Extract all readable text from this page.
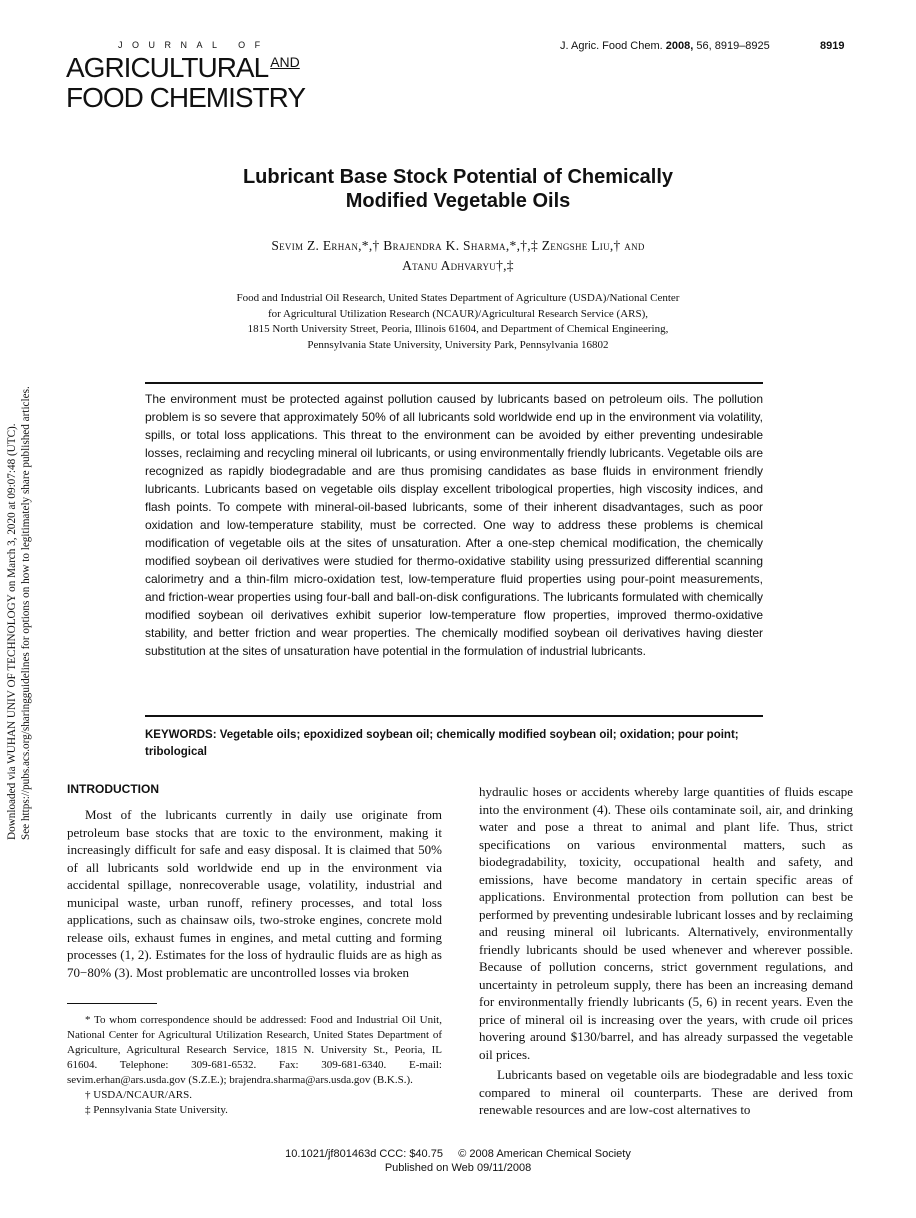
JOURNAL OF
AGRICULTURAL $^{AND}$
FOOD CHEMISTRY
J. Agric. Food Chem. 2008, 56, 8919–8925	8919
Lubricant Base Stock Potential of Chemically
Modified Vegetable Oils
Sevim Z. Erhan,*,† Brajendra K. Sharma,*,†,‡ Zengshe Liu,† and
Atanu Adhvaryu†,‡
Food and Industrial Oil Research, United States Department of Agriculture (USDA)/National Center
for Agricultural Utilization Research (NCAUR)/Agricultural Research Service (ARS),
1815 North University Street, Peoria, Illinois 61604, and Department of Chemical Engineering,
Pennsylvania State University, University Park, Pennsylvania 16802
The environment must be protected against pollution caused by lubricants based on petroleum oils. The pollution problem is so severe that approximately 50% of all lubricants sold worldwide end up in the environment via volatility, spills, or total loss applications. This threat to the environment can be avoided by either preventing undesirable losses, reclaiming and recycling mineral oil lubricants, or using environmentally friendly lubricants. Vegetable oils are recognized as rapidly biodegradable and are thus promising candidates as base fluids in environment friendly lubricants. Lubricants based on vegetable oils display excellent tribological properties, high viscosity indices, and flash points. To compete with mineral-oil-based lubricants, some of their inherent disadvantages, such as poor oxidation and low-temperature stability, must be corrected. One way to address these problems is chemical modification of vegetable oils at the sites of unsaturation. After a one-step chemical modification, the chemically modified soybean oil derivatives were studied for thermo-oxidative stability using pressurized differential scanning calorimetry and a thin-film micro-oxidation test, low-temperature fluid properties using pour-point measurements, and friction-wear properties using four-ball and ball-on-disk configurations. The lubricants formulated with chemically modified soybean oil derivatives exhibit superior low-temperature flow properties, improved thermo-oxidative stability, and better friction and wear properties. The chemically modified soybean oil derivatives having diester substitution at the sites of unsaturation have potential in the formulation of industrial lubricants.
KEYWORDS: Vegetable oils; epoxidized soybean oil; chemically modified soybean oil; oxidation; pour point; tribological
Downloaded via WUHAN UNIV OF TECHNOLOGY on March 3, 2020 at 09:07:48 (UTC). See https://pubs.acs.org/sharingguidelines for options on how to legitimately share published articles.	INTRODUCTION

Most of the lubricants currently in daily use originate from petroleum base stocks that are toxic to the environment, making it increasingly difficult for safe and easy disposal. It is claimed that 50% of all lubricants sold worldwide end up in the environment via accidental spillage, nonrecoverable usage, volatility, industrial and municipal waste, urban runoff, refinery processes, and total loss applications, such as chainsaw oils, two-stroke engines, concrete mold release oils, exhaust fumes in engines, and metal cutting and forming processes (1, 2). Estimates for the loss of hydraulic fluids are as high as 70−80% (3). Most problematic are uncontrolled losses via broken

* To whom correspondence should be addressed: Food and Industrial Oil Unit, National Center for Agricultural Utilization Research, United States Department of Agriculture, Agricultural Research Service, 1815 N. University St., Peoria, IL 61604. Telephone: 309-681-6532. Fax: 309-681-6340. E-mail: sevim.erhan@ars.usda.gov (S.Z.E.); brajendra.sharma@ars.usda.gov (B.K.S.).

† USDA/NCAUR/ARS.

‡ Pennsylvania State University.

hydraulic hoses or accidents whereby large quantities of fluids escape into the environment (4). These oils contaminate soil, air, and drinking water and pose a threat to animal and plant life. Thus, strict specifications on various environmental matters, such as biodegradability, toxicity, occupational health and safety, and emissions, have become mandatory in certain specific areas of applications. Environmental protection from pollution can best be performed by preventing undesirable lubricant losses and by reclaiming and reusing mineral oil lubricants. Alternatively, environmentally friendly lubricants should be used whenever and wherever possible. Because of pollution concerns, strict government regulations, and uncertainty in petroleum supply, there has been an increasing demand for environmentally friendly lubricants (5, 6) in recent years. Even the price of mineral oil is increasing over the years, with crude oil prices hovering around $130/barrel, and has already surpassed the vegetable oil prices.

Lubricants based on vegetable oils are biodegradable and less toxic compared to mineral oil counterparts. These are derived from renewable resources and are low-cost alternatives to

10.1021/jf801463d CCC: $40.75     © 2008 American Chemical Society
Published on Web 09/11/2008
